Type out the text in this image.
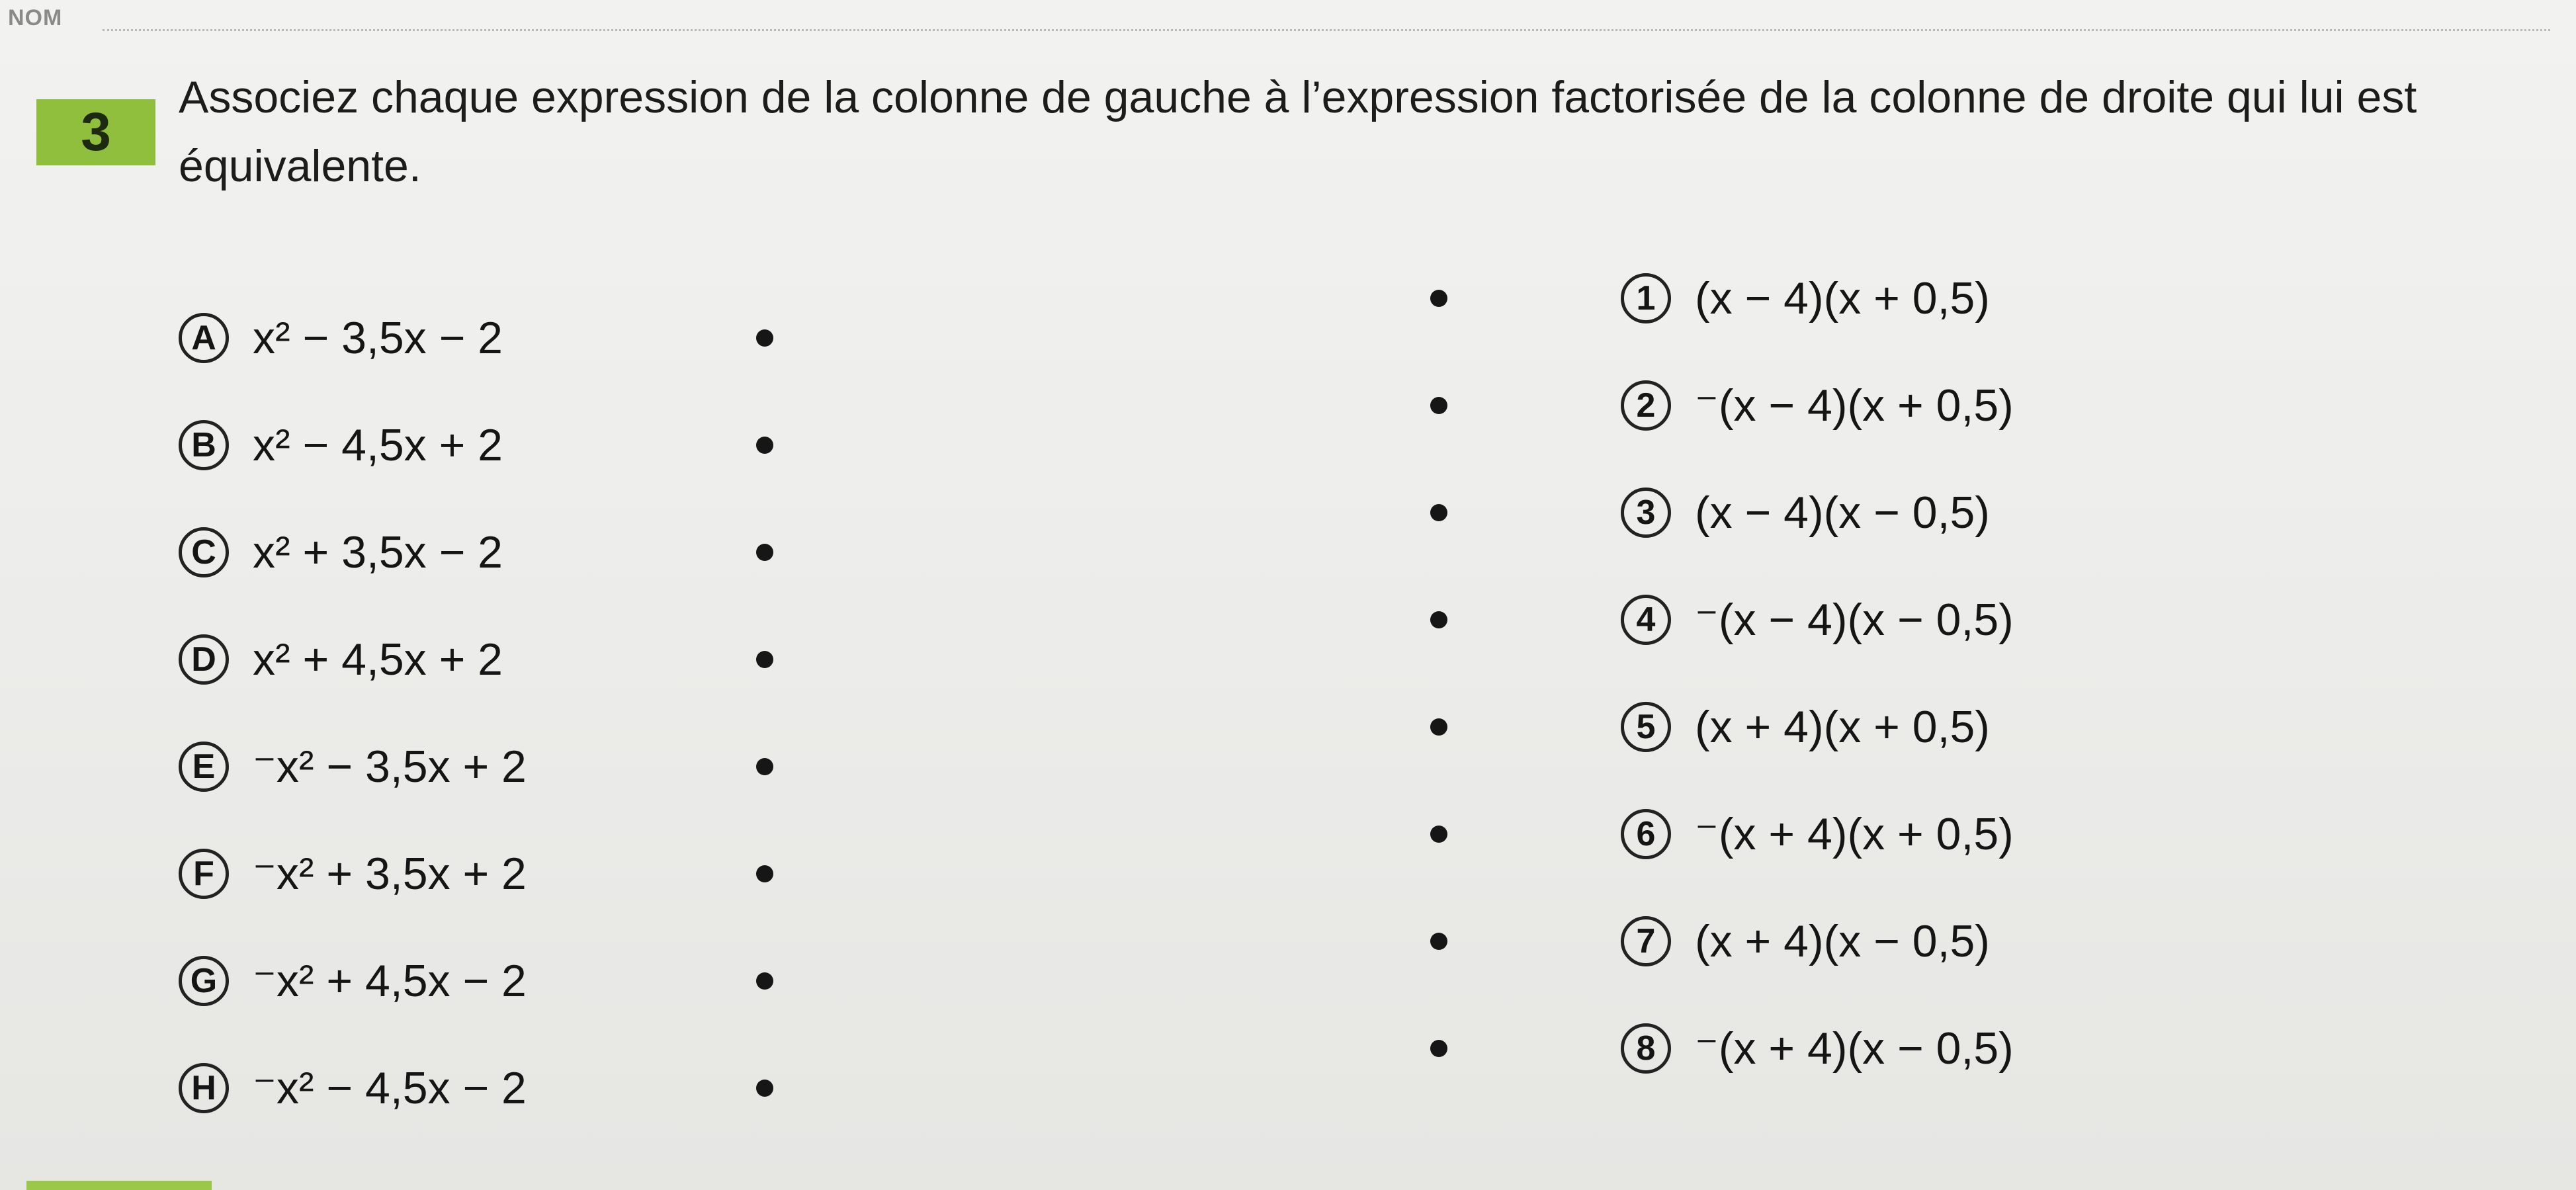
NOM
3
Associez chaque expression de la colonne de gauche à l’expression factorisée de la colonne de droite qui lui est équivalente.
A x² − 3,5x − 2
B x² − 4,5x + 2
C x² + 3,5x − 2
D x² + 4,5x + 2
E ⁻x² − 3,5x + 2
F ⁻x² + 3,5x + 2
G ⁻x² + 4,5x − 2
H ⁻x² − 4,5x − 2
1 (x − 4)(x + 0,5)
2 ⁻(x − 4)(x + 0,5)
3 (x − 4)(x − 0,5)
4 ⁻(x − 4)(x − 0,5)
5 (x + 4)(x + 0,5)
6 ⁻(x + 4)(x + 0,5)
7 (x + 4)(x − 0,5)
8 ⁻(x + 4)(x − 0,5)
